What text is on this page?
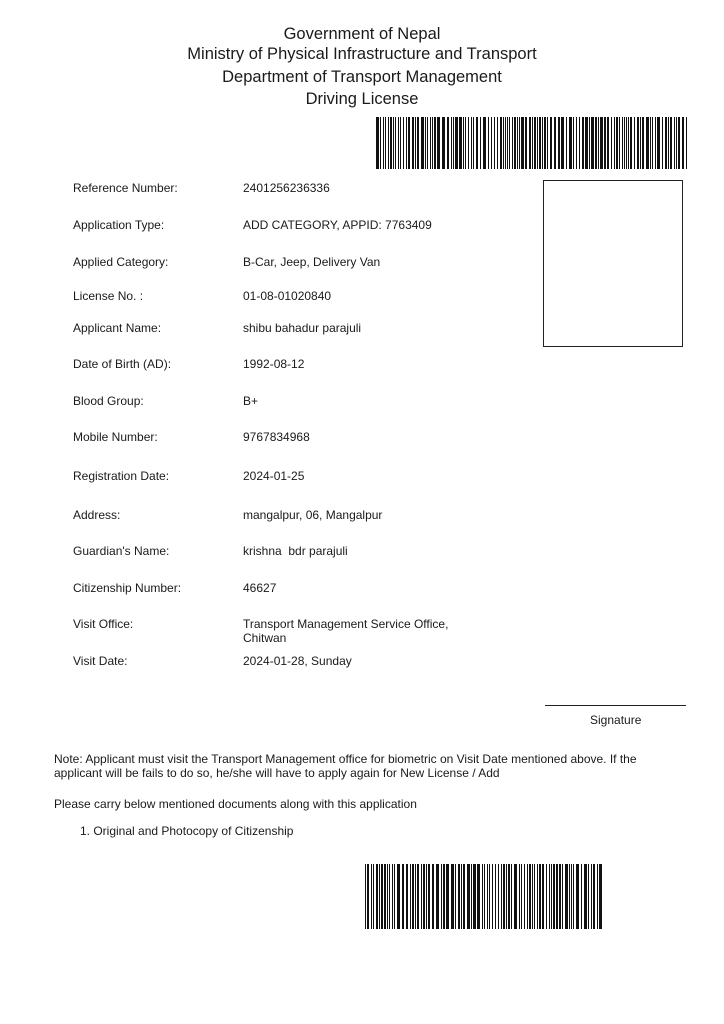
Government of Nepal
Ministry of Physical Infrastructure and Transport
Department of Transport Management
Driving License
Reference Number:	2401256236336
Application Type:	ADD CATEGORY, APPID: 7763409
Applied Category:	B-Car, Jeep, Delivery Van
License No. :	01-08-01020840
Applicant Name:	shibu bahadur parajuli
Date of Birth (AD):	1992-08-12
Blood Group:	B+
Mobile Number:	9767834968
Registration Date:	2024-01-25
Address:	mangalpur, 06, Mangalpur
Guardian's Name:	krishna  bdr parajuli
Citizenship Number:	46627
Visit Office:	Transport Management Service Office, Chitwan
Visit Date:	2024-01-28, Sunday
Signature
Note: Applicant must visit the Transport Management office for biometric on Visit Date mentioned above. If the applicant will be fails to do so, he/she will have to apply again for New License / Add
Please carry below mentioned documents along with this application
1. Original and Photocopy of Citizenship
